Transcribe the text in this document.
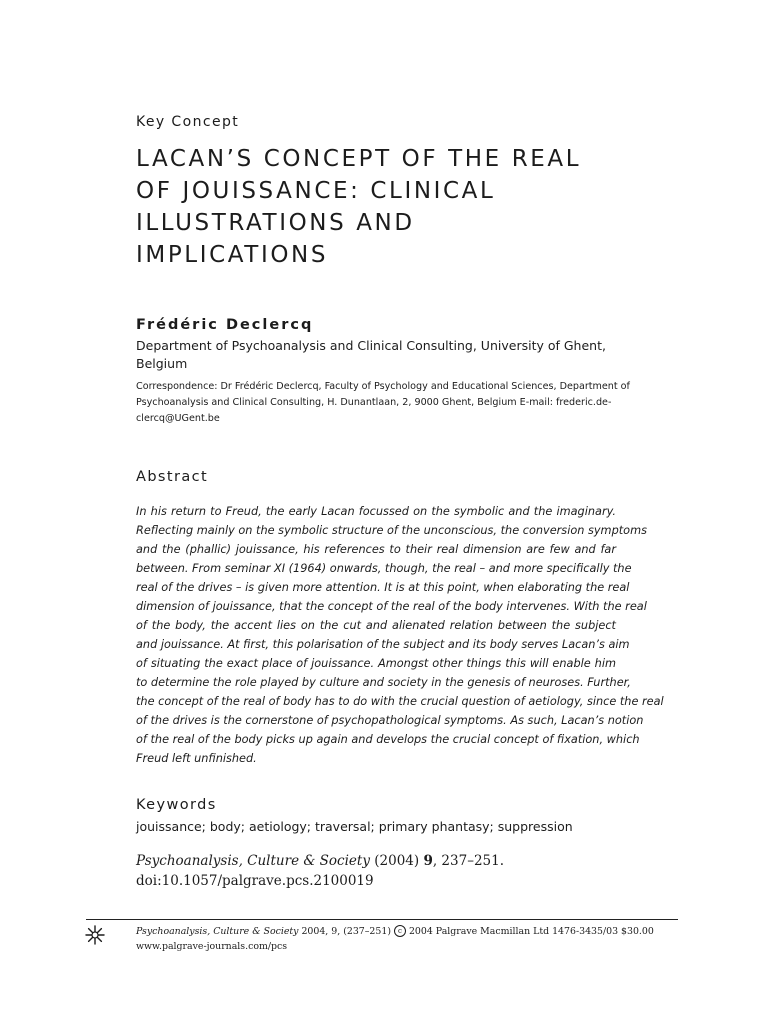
Key Concept
LACAN’S CONCEPT OF THE REAL
OF JOUISSANCE: CLINICAL
ILLUSTRATIONS AND
IMPLICATIONS
Frédéric Declercq
Department of Psychoanalysis and Clinical Consulting, University of Ghent,
Belgium
Correspondence: Dr Frédéric Declercq, Faculty of Psychology and Educational Sciences, Department of
Psychoanalysis and Clinical Consulting, H. Dunantlaan, 2, 9000 Ghent, Belgium E-mail: frederic.de-
clercq@UGent.be
Abstract
In his return to Freud, the early Lacan focussed on the symbolic and the imaginary.
Reflecting mainly on the symbolic structure of the unconscious, the conversion symptoms
and the (phallic) jouissance, his references to their real dimension are few and far
between. From seminar XI (1964) onwards, though, the real – and more specifically the
real of the drives – is given more attention. It is at this point, when elaborating the real
dimension of jouissance, that the concept of the real of the body intervenes. With the real
of the body, the accent lies on the cut and alienated relation between the subject
and jouissance. At first, this polarisation of the subject and its body serves Lacan’s aim
of situating the exact place of jouissance. Amongst other things this will enable him
to determine the role played by culture and society in the genesis of neuroses. Further,
the concept of the real of body has to do with the crucial question of aetiology, since the real
of the drives is the cornerstone of psychopathological symptoms. As such, Lacan’s notion
of the real of the body picks up again and develops the crucial concept of fixation, which
Freud left unfinished.
Keywords
jouissance; body; aetiology; traversal; primary phantasy; suppression
Psychoanalysis, Culture & Society (2004) 9, 237–251.
doi:10.1057/palgrave.pcs.2100019
Psychoanalysis, Culture & Society 2004, 9, (237–251) c 2004 Palgrave Macmillan Ltd 1476-3435/03 $30.00
www.palgrave-journals.com/pcs
